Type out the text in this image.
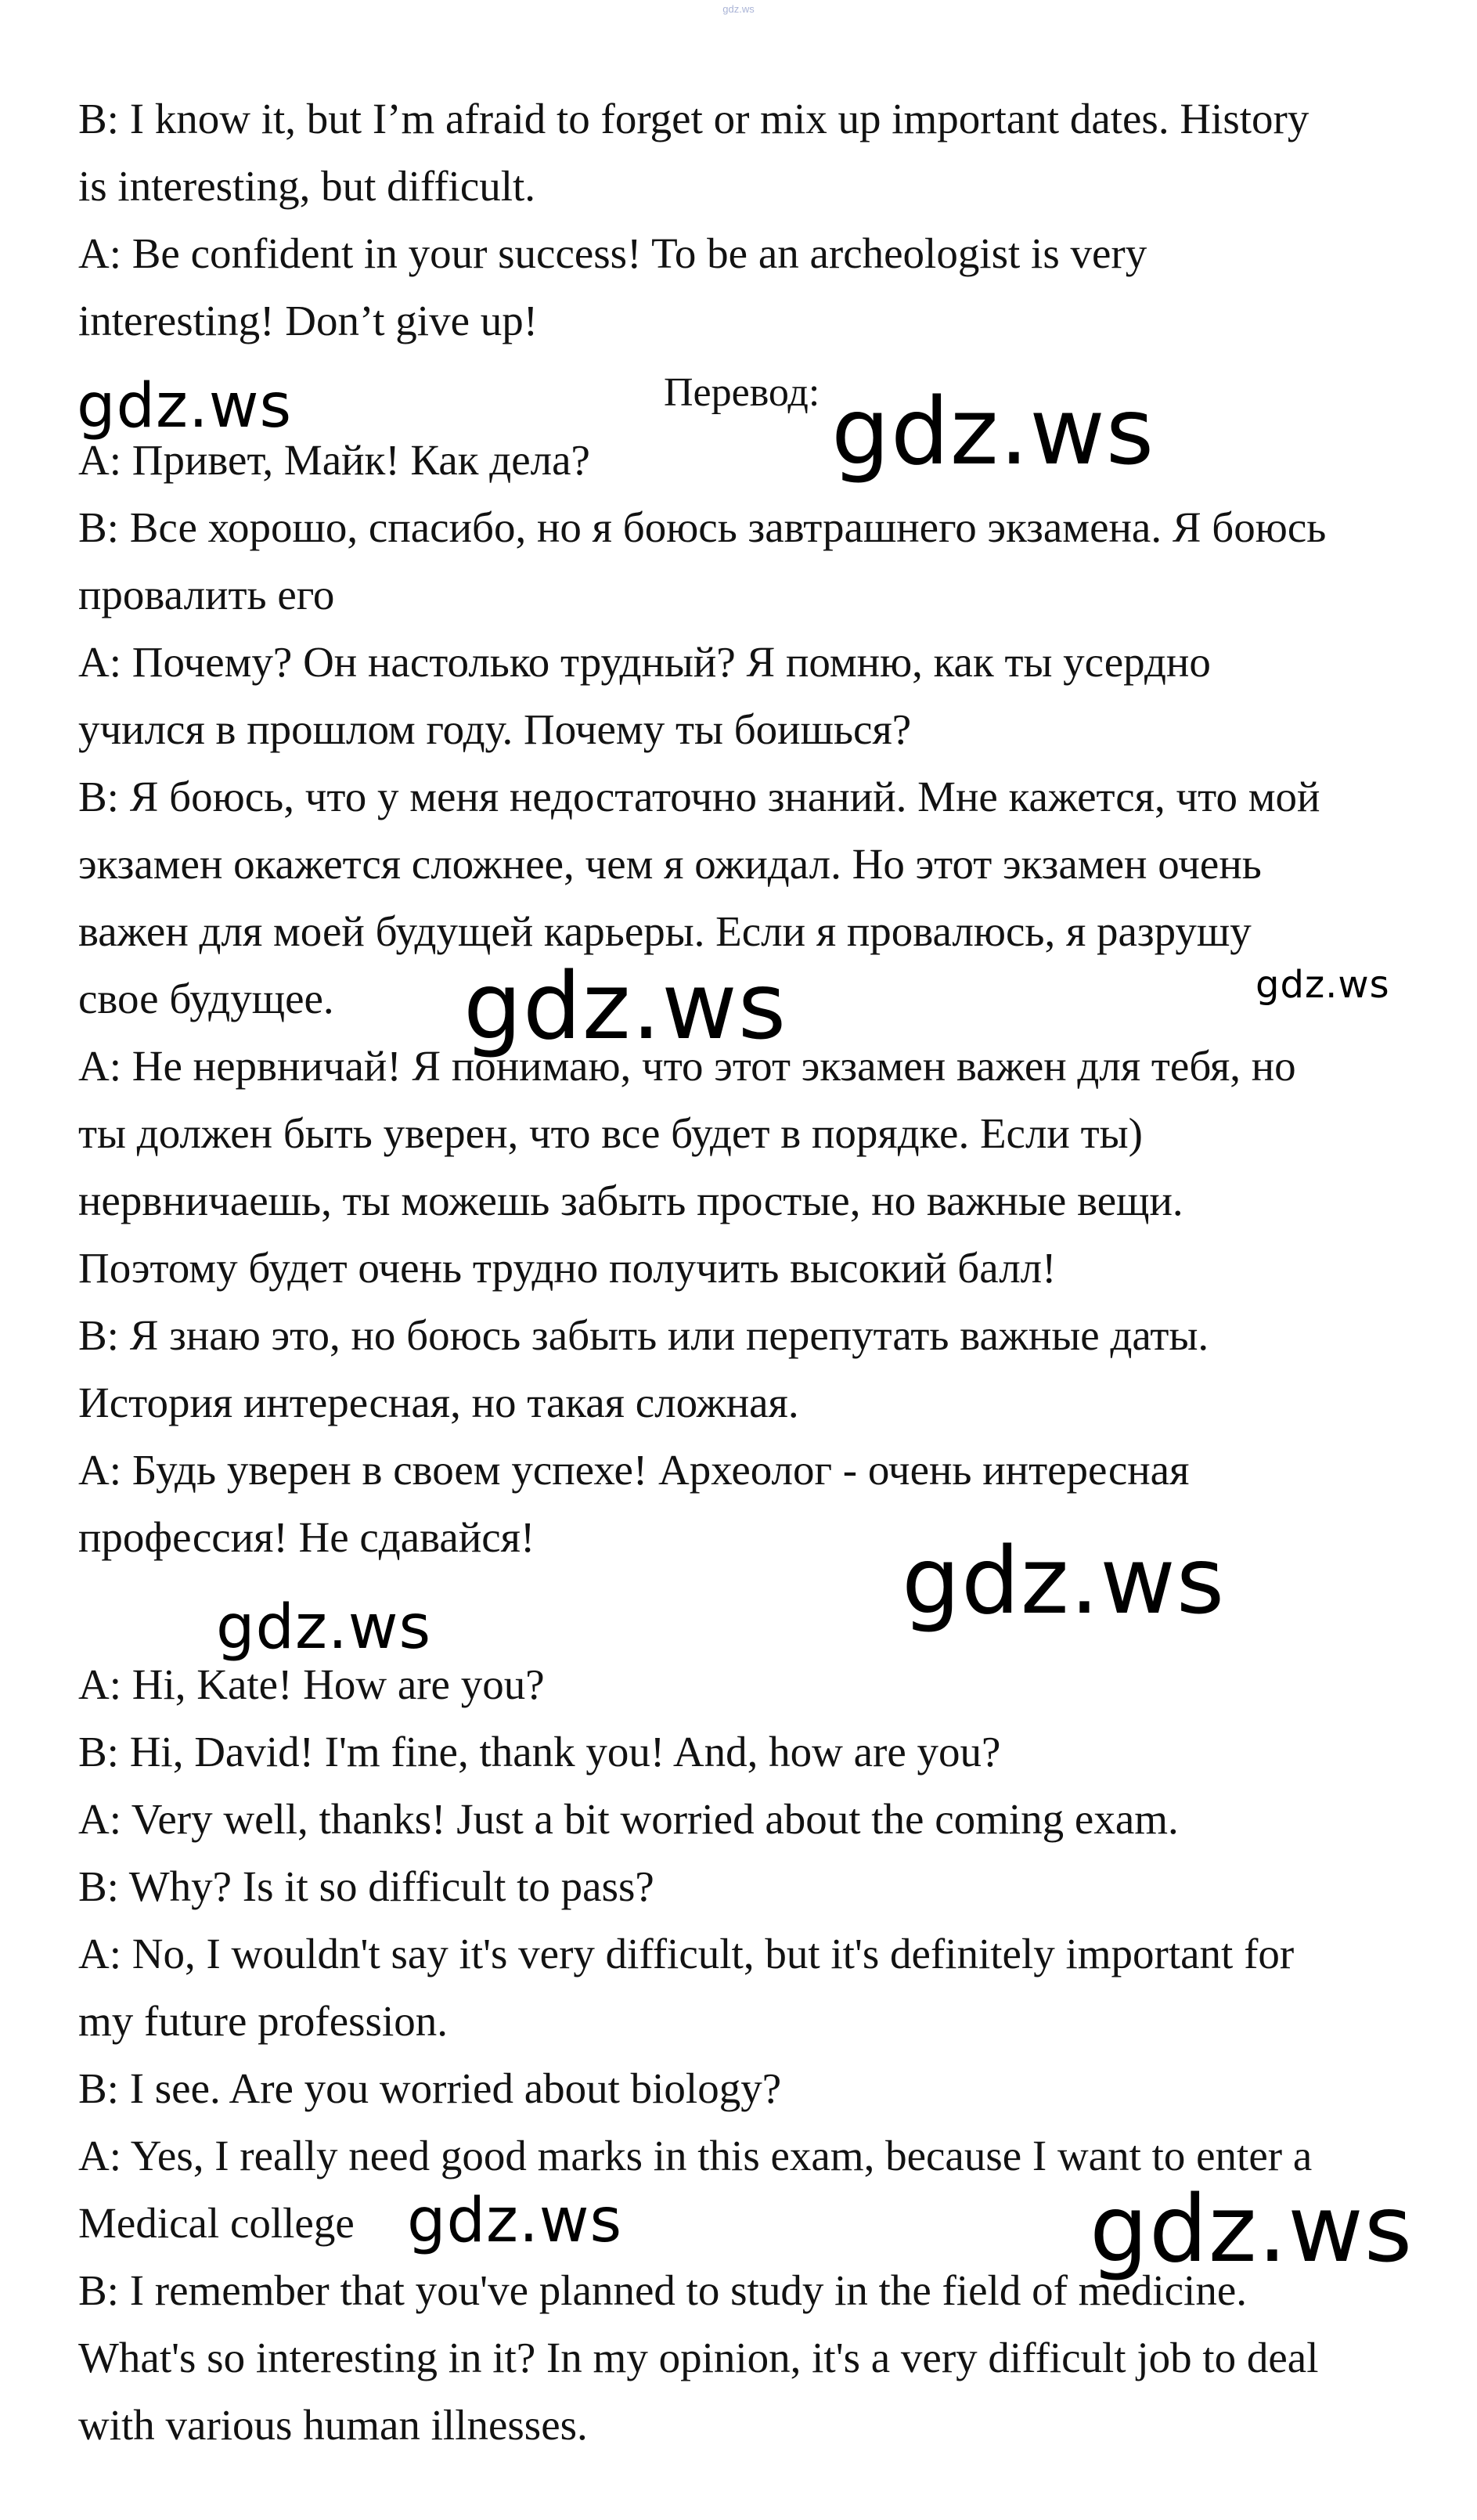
gdz.ws
B: I know it, but I’m afraid to forget or mix up important dates. History
is interesting, but difficult.
A: Be confident in your success! To be an archeologist is very
interesting! Don’t give up!
Перевод:
A: Привет, Майк! Как дела?
B: Все хорошо, спасибо, но я боюсь завтрашнего экзамена. Я боюсь
провалить его
A: Почему? Он настолько трудный? Я помню, как ты усердно
учился в прошлом году. Почему ты боишься?
B: Я боюсь, что у меня недостаточно знаний. Мне кажется, что мой
экзамен окажется сложнее, чем я ожидал. Но этот экзамен очень
важен для моей будущей карьеры. Если я провалюсь, я разрушу
свое будущее.
A: Не нервничай! Я понимаю, что этот экзамен важен для тебя, но
ты должен быть уверен, что все будет в порядке. Если ты)
нервничаешь, ты можешь забыть простые, но важные вещи.
Поэтому будет очень трудно получить высокий балл!
B: Я знаю это, но боюсь забыть или перепутать важные даты.
История интересная, но такая сложная.
A: Будь уверен в своем успехе! Археолог - очень интересная
профессия! Не сдавайся!
A: Hi, Kate! How are you?
B: Hi, David! I'm fine, thank you! And, how are you?
A: Very well, thanks! Just a bit worried about the coming exam.
B: Why? Is it so difficult to pass?
A: No, I wouldn't say it's very difficult, but it's definitely important for
my future profession.
B: I see. Are you worried about biology?
A: Yes, I really need good marks in this exam, because I want to enter a
Medical college
B: I remember that you've planned to study in the field of medicine.
What's so interesting in it? In my opinion, it's a very difficult job to deal
with various human illnesses.
gdz.ws	gdz.ws
gdz.ws
gdz.ws
gdz.ws
gdz.ws
gdz.ws	gdz.ws
